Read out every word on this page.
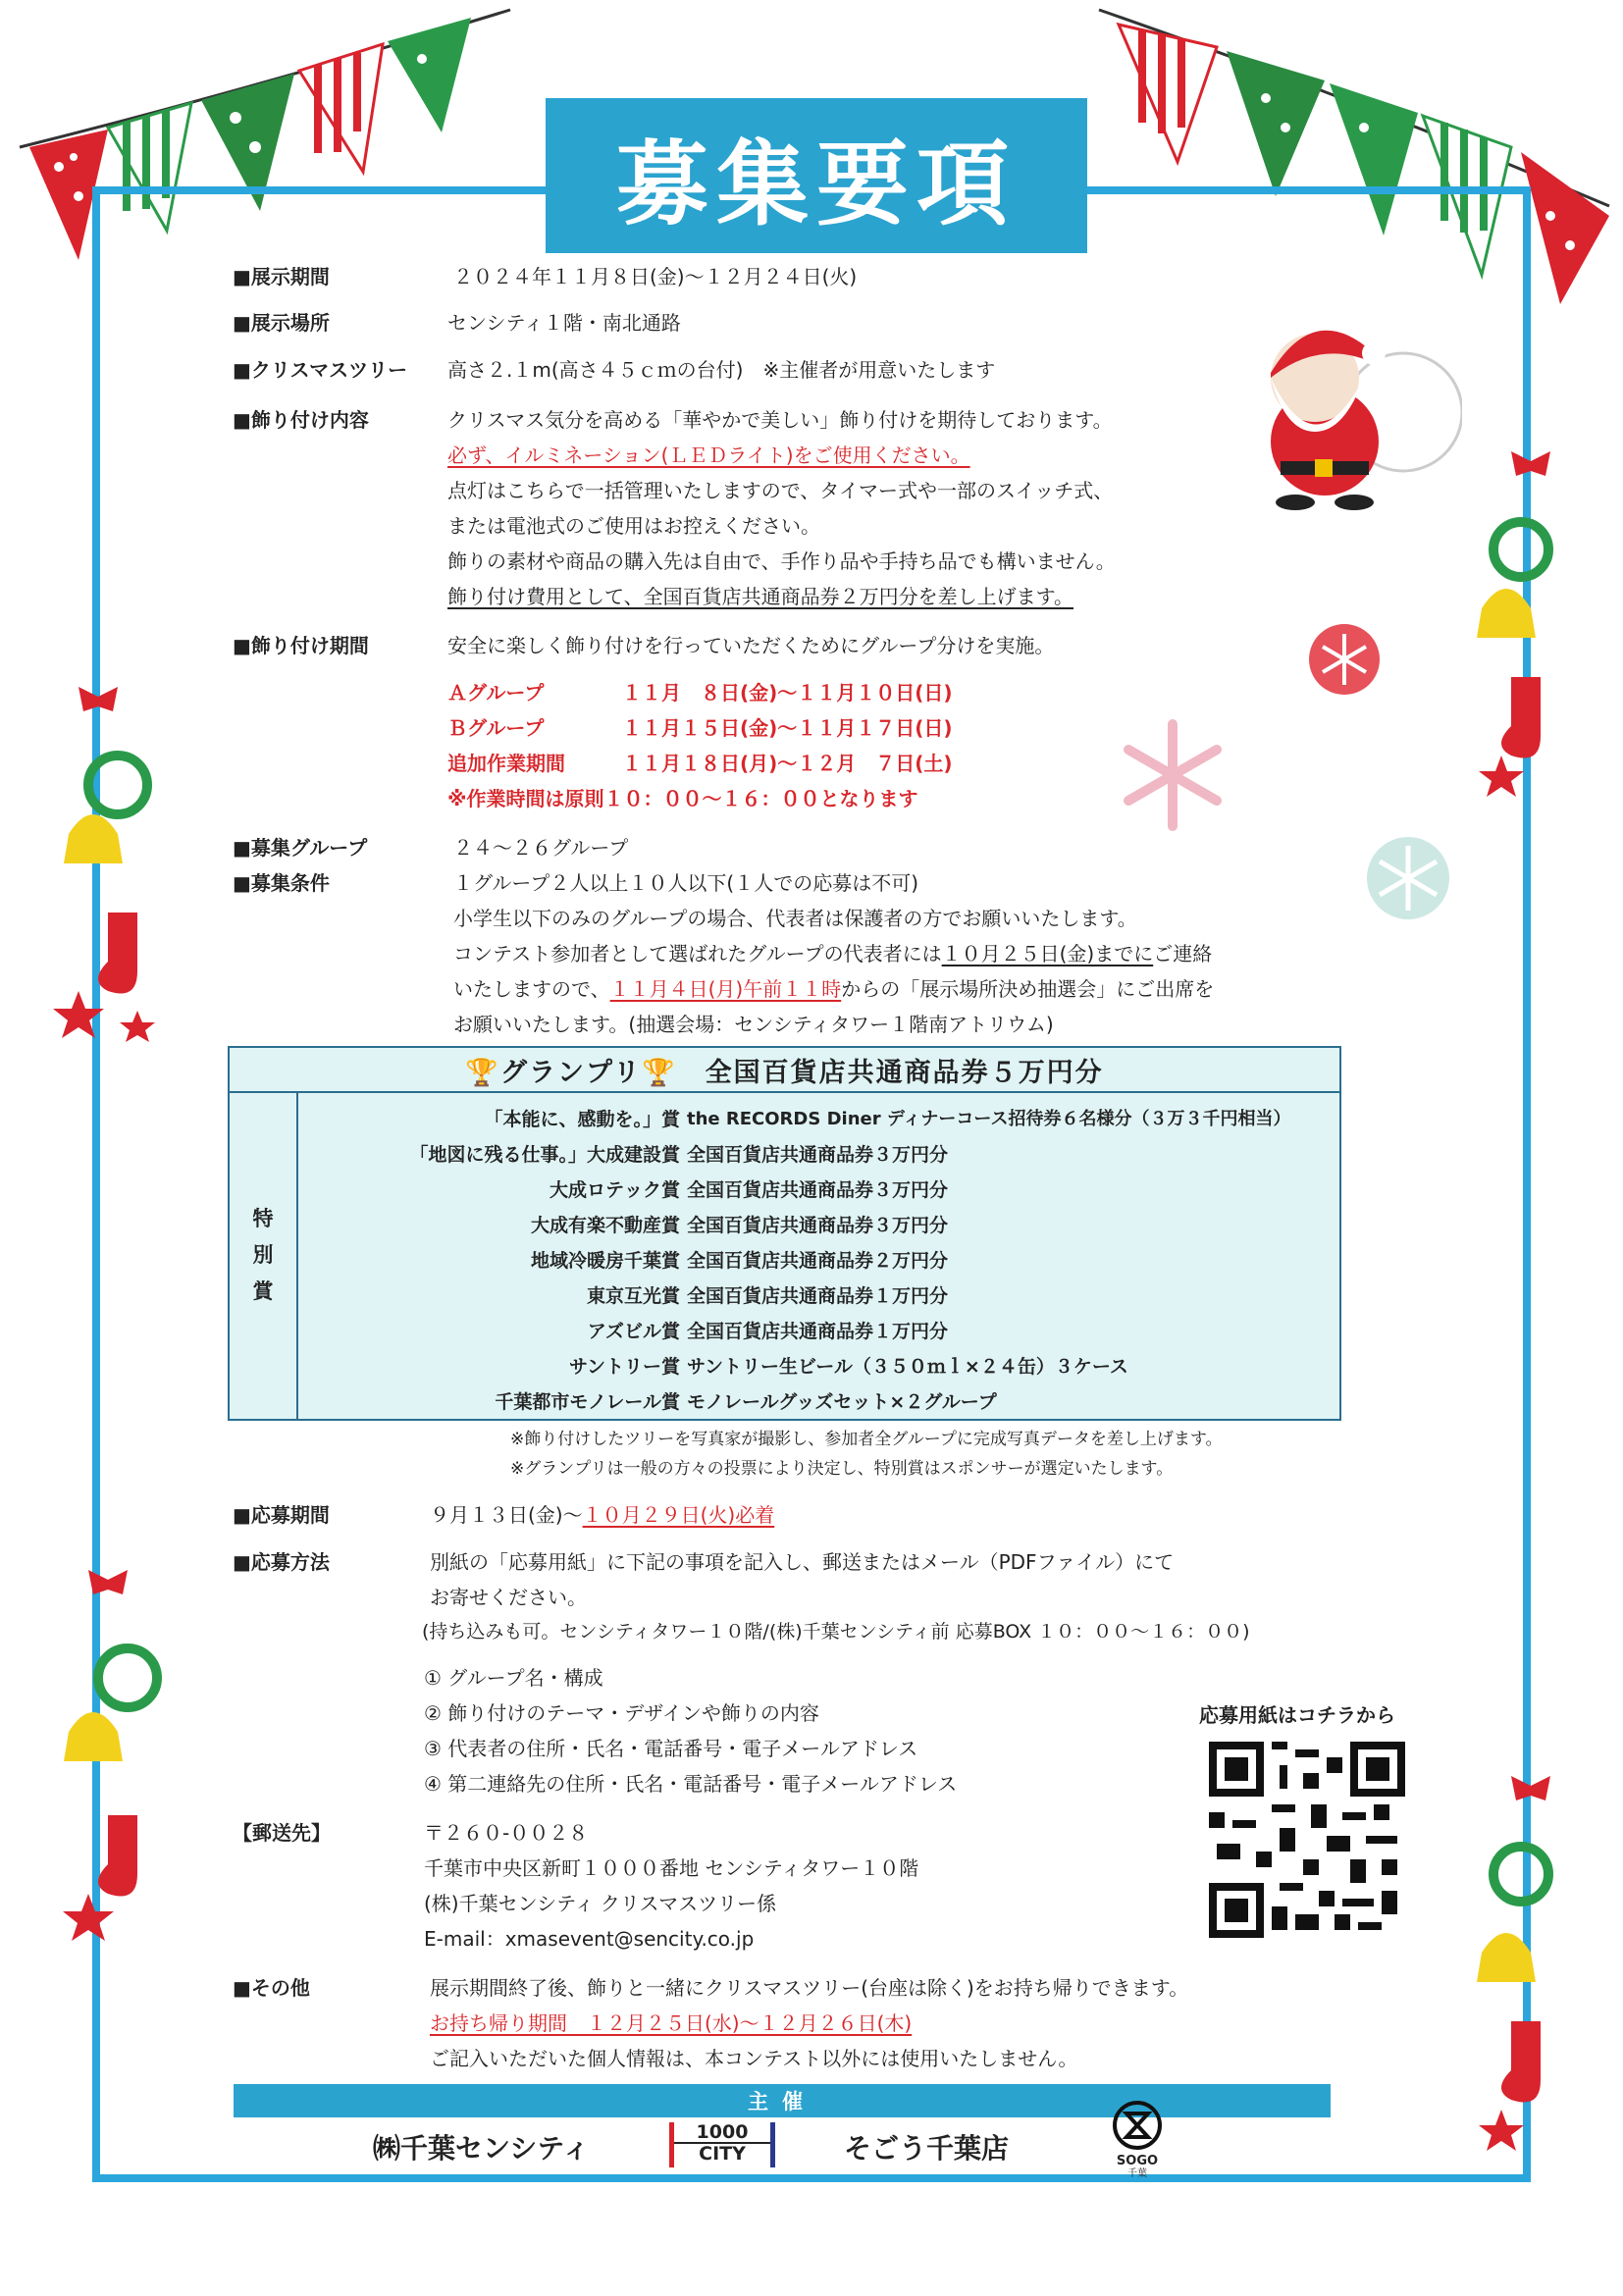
募集要項
■展示期間	２０２４年１１月８日(金)～１２月２４日(火)
■展示場所	センシティ１階・南北通路
■クリスマスツリー 高さ２.１m(高さ４５ｃｍの台付)　※主催者が用意いたします
■飾り付け内容	クリスマス気分を高める「華やかで美しい」飾り付けを期待しております。
必ず、イルミネーション(ＬＥＤライト)をご使用ください。
点灯はこちらで一括管理いたしますので、タイマー式や一部のスイッチ式、
または電池式のご使用はお控えください。
飾りの素材や商品の購入先は自由で、手作り品や手持ち品でも構いません。
飾り付け費用として、全国百貨店共通商品券２万円分を差し上げます。
■飾り付け期間	安全に楽しく飾り付けを行っていただくためにグループ分けを実施。
Ａグループ	１１月　８日(金)～１１月１０日(日)
Ｂグループ	１１月１５日(金)～１１月１７日(日)
追加作業期間	１１月１８日(月)～１２月　７日(土)
※作業時間は原則１０：００～１６：００となります
■募集グループ	２４～２６グループ
■募集条件	１グループ２人以上１０人以下(１人での応募は不可)
小学生以下のみのグループの場合、代表者は保護者の方でお願いいたします。
コンテスト参加者として選ばれたグループの代表者には１０月２５日(金)までにご連絡
いたしますので、１１月４日(月)午前１１時からの「展示場所決め抽選会」にご出席を
お願いいたします。(抽選会場：センシティタワー１階南アトリウム)
🏆グランプリ🏆　全国百貨店共通商品券５万円分
特
別
賞
「本能に、感動を。」賞 the RECORDS Diner ディナーコース招待券６名様分（３万３千円相当）
「地図に残る仕事。」大成建設賞 全国百貨店共通商品券３万円分
大成ロテック賞 全国百貨店共通商品券３万円分
大成有楽不動産賞 全国百貨店共通商品券３万円分
地域冷暖房千葉賞 全国百貨店共通商品券２万円分
東京互光賞 全国百貨店共通商品券１万円分
アズビル賞 全国百貨店共通商品券１万円分
サントリー賞 サントリー生ビール（３５０ｍｌ×２４缶）３ケース
千葉都市モノレール賞 モノレールグッズセット×２グループ
※飾り付けしたツリーを写真家が撮影し、参加者全グループに完成写真データを差し上げます。
※グランプリは一般の方々の投票により決定し、特別賞はスポンサーが選定いたします。
■応募期間	９月１３日(金)～１０月２９日(火)必着
■応募方法	別紙の「応募用紙」に下記の事項を記入し、郵送またはメール（PDFファイル）にて
お寄せください。
(持ち込みも可。センシティタワー１０階/(株)千葉センシティ前 応募BOX １０：００～１６：００)
① グループ名・構成
② 飾り付けのテーマ・デザインや飾りの内容
③ 代表者の住所・氏名・電話番号・電子メールアドレス
④ 第二連絡先の住所・氏名・電話番号・電子メールアドレス
応募用紙はコチラから
【郵送先】	〒２６０-００２８
千葉市中央区新町１０００番地 センシティタワー１０階
(株)千葉センシティ クリスマスツリー係
E-mail：xmasevent@sencity.co.jp
■その他	展示期間終了後、飾りと一緒にクリスマスツリー(台座は除く)をお持ち帰りできます。
お持ち帰り期間　１２月２５日(水)～１２月２６日(木)
ご記入いただいた個人情報は、本コンテスト以外には使用いたしません。
主催
㈱千葉センシティ	1000
CITY	そごう千葉店	SOGO
千葉
